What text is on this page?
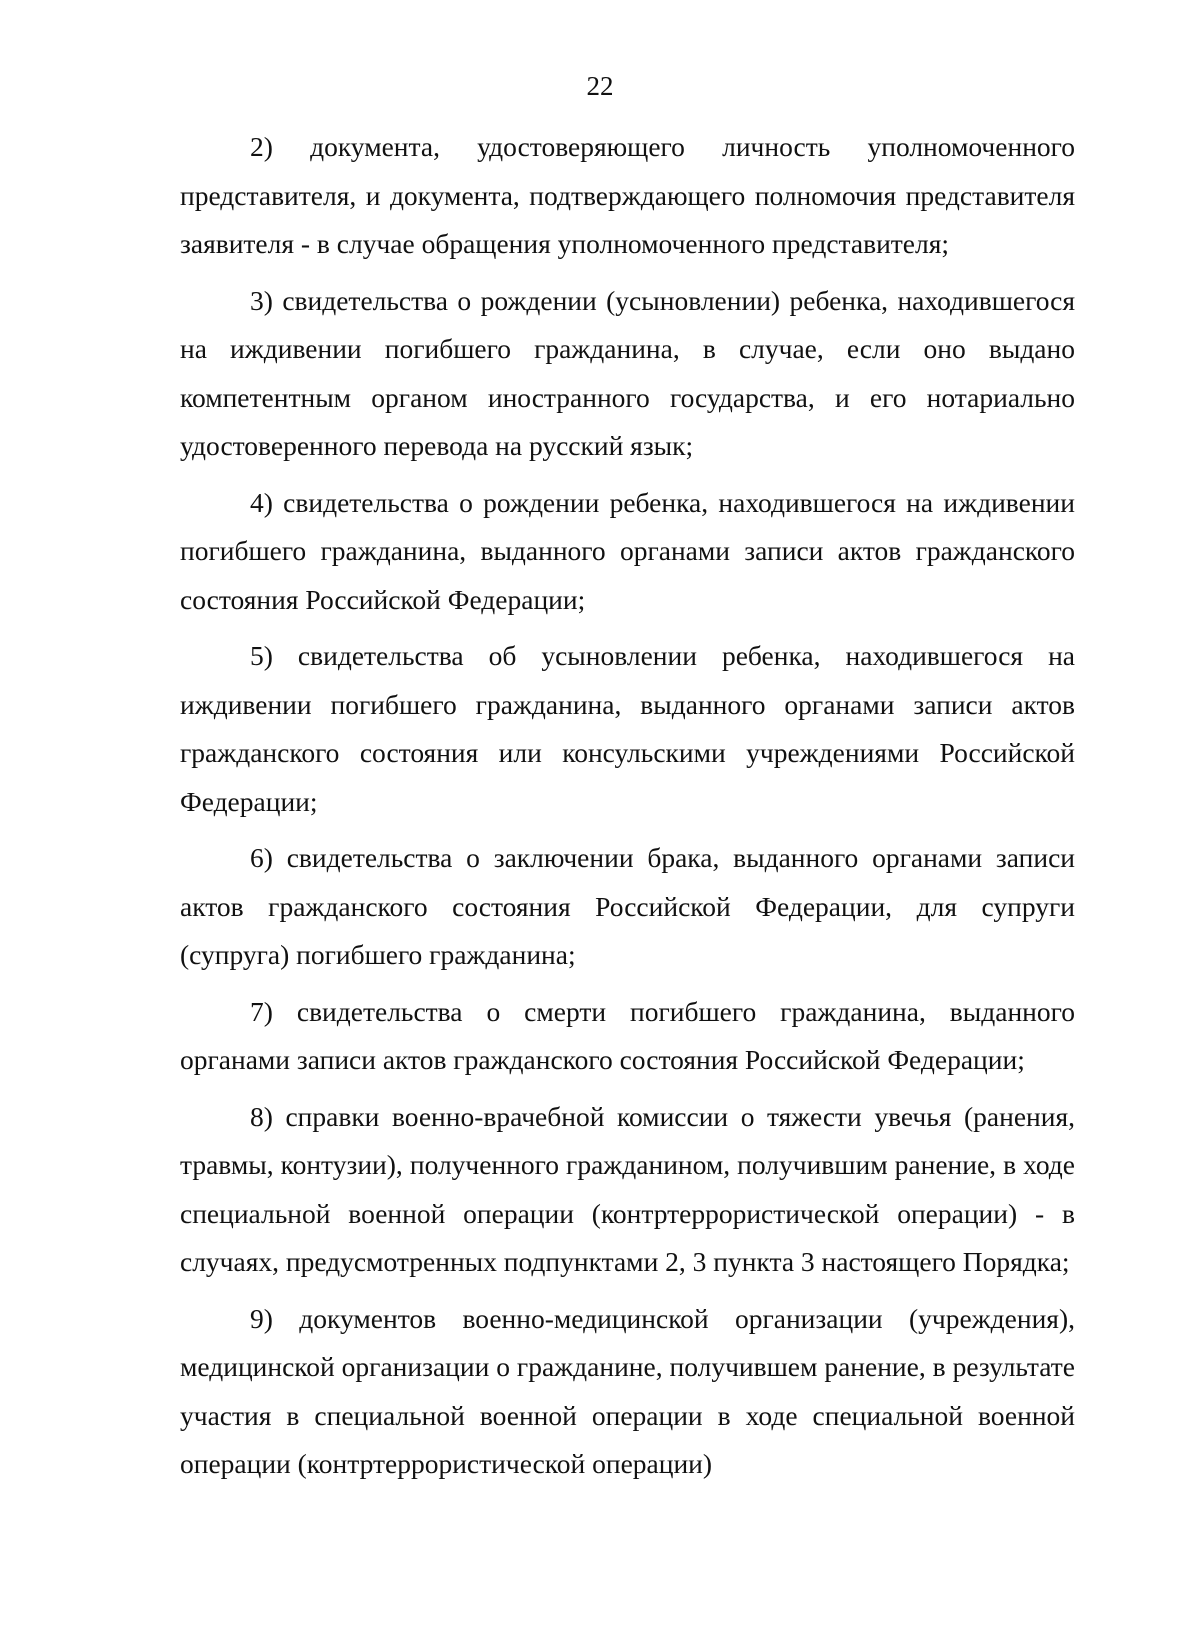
22

2) документа, удостоверяющего личность уполномоченного представителя, и документа, подтверждающего полномочия представителя заявителя - в случае обращения уполномоченного представителя;

3) свидетельства о рождении (усыновлении) ребенка, находившегося на иждивении погибшего гражданина, в случае, если оно выдано компетентным органом иностранного государства, и его нотариально удостоверенного перевода на русский язык;

4) свидетельства о рождении ребенка, находившегося на иждивении погибшего гражданина, выданного органами записи актов гражданского состояния Российской Федерации;

5) свидетельства об усыновлении ребенка, находившегося на иждивении погибшего гражданина, выданного органами записи актов гражданского состояния или консульскими учреждениями Российской Федерации;

6) свидетельства о заключении брака, выданного органами записи актов гражданского состояния Российской Федерации, для супруги (супруга) погибшего гражданина;

7) свидетельства о смерти погибшего гражданина, выданного органами записи актов гражданского состояния Российской Федерации;

8) справки военно-врачебной комиссии о тяжести увечья (ранения, травмы, контузии), полученного гражданином, получившим ранение, в ходе специальной военной операции (контртеррористической операции) - в случаях, предусмотренных подпунктами 2, 3 пункта 3 настоящего Порядка;

9) документов военно-медицинской организации (учреждения), медицинской организации о гражданине, получившем ранение, в результате участия в специальной военной операции в ходе специальной военной операции (контртеррористической операции)
